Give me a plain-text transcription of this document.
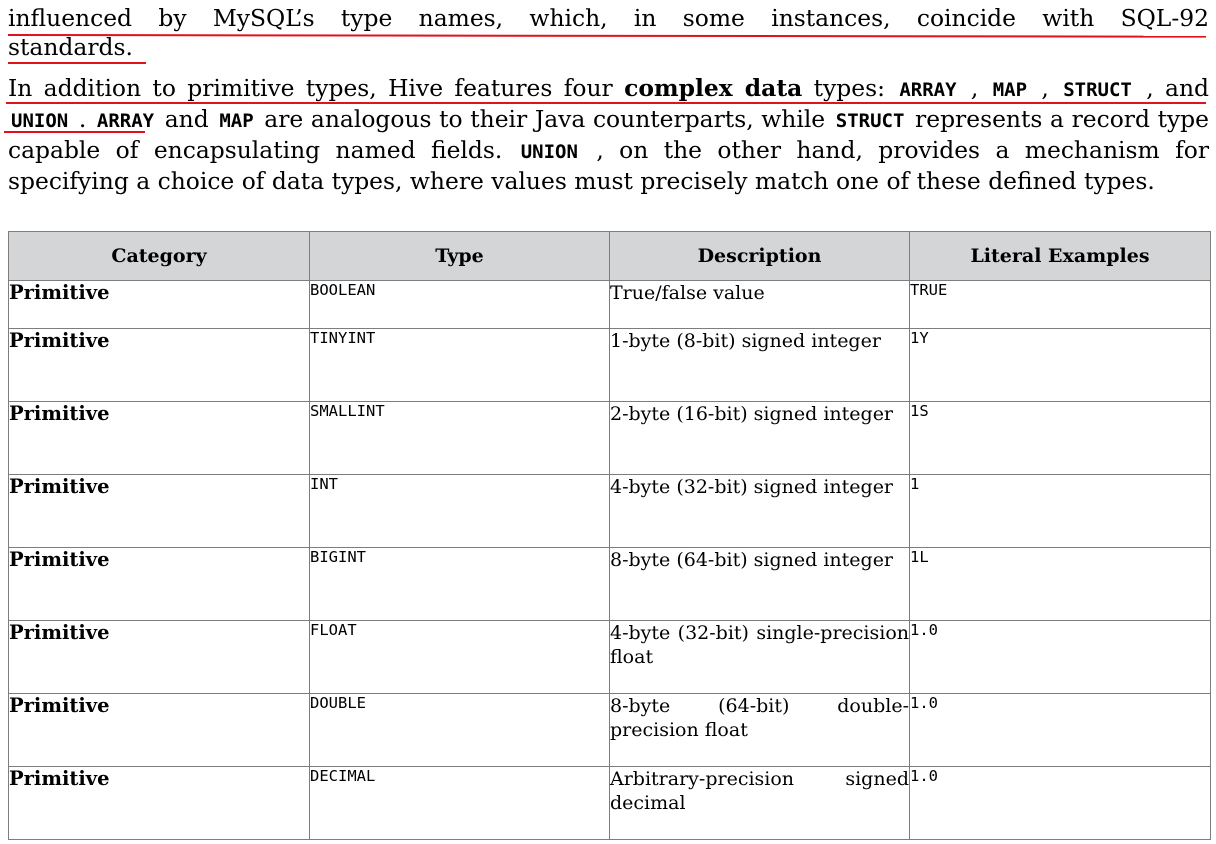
influenced by MySQL’s type names, which, in some instances, coincide with SQL-92
standards.

In addition to primitive types, Hive features four complex data types: ARRAY , MAP , STRUCT , and UNION . ARRAY and MAP are analogous to their Java counterparts, while STRUCT represents a record type capable of encapsulating named fields. UNION , on the other hand, provides a mechanism for specifying a choice of data types, where values must precisely match one of these defined types.

Category	Type	Description	Literal Examples
Primitive	BOOLEAN	True/false value	TRUE
Primitive	TINYINT	1-byte (8-bit) signed integer	1Y
Primitive	SMALLINT	2-byte (16-bit) signed integer	1S
Primitive	INT	4-byte (32-bit) signed integer	1
Primitive	BIGINT	8-byte (64-bit) signed integer	1L
Primitive	FLOAT	4-byte (32-bit) single-precision float	1.0
Primitive	DOUBLE	8-byte (64-bit) double-precision float	1.0
Primitive	DECIMAL	Arbitrary-precision signed decimal	1.0
